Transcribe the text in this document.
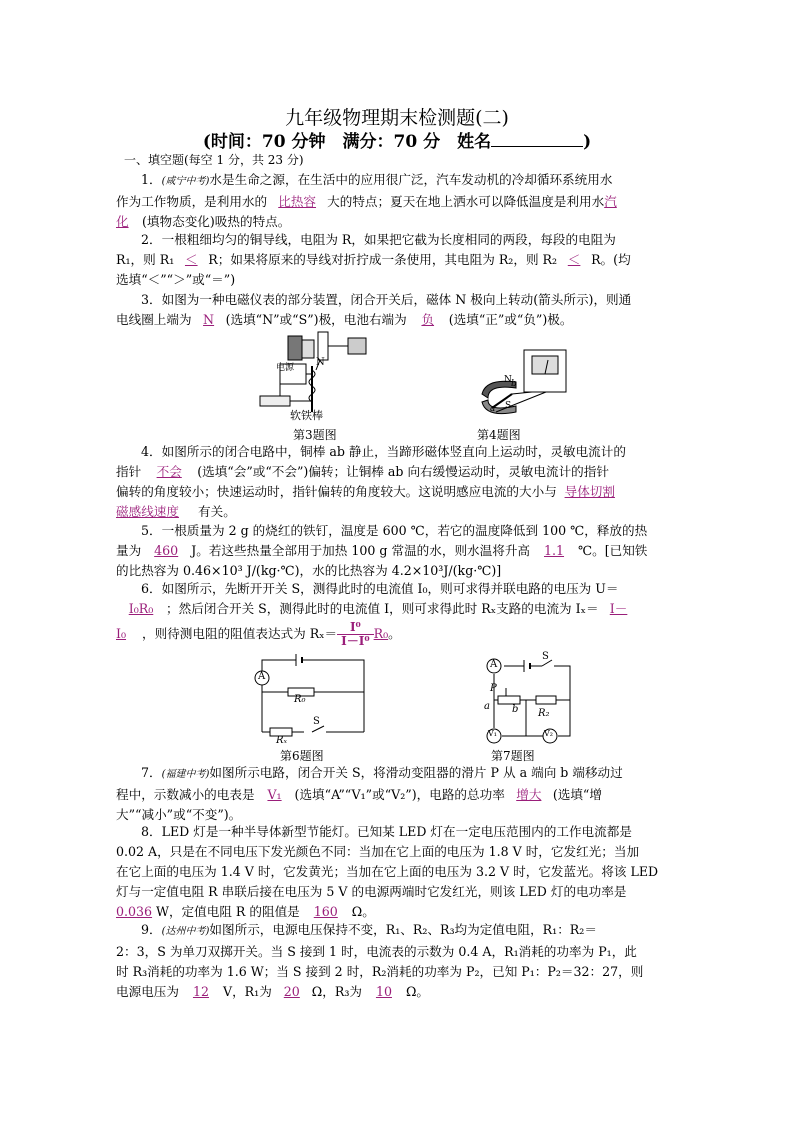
九年级物理期末检测题(二)
(时间：70 分钟　满分：70 分　姓名	)
一、填空题(每空 1 分，共 23 分)
1．(咸宁中考)水是生命之源，在生活中的应用很广泛，汽车发动机的冷却循环系统用水
作为工作物质，是利用水的 比热容 大的特点；夏天在地上洒水可以降低温度是利用水汽
化 (填物态变化)吸热的特点。
2．一根粗细均匀的铜导线，电阻为 R，如果把它截为长度相同的两段，每段的电阻为
R₁，则 R₁ ＜ R；如果将原来的导线对折拧成一条使用，其电阻为 R₂，则 R₂ ＜ R。(均
选填“＜”“＞”或“＝”)
3．如图为一种电磁仪表的部分装置，闭合开关后，磁体 N 极向上转动(箭头所示)，则通
电线圈上端为 N (选填“N”或“S”)极，电池右端为 负 (选填“正”或“负”)极。
电源 N
软铁棒
第3题图
N
S
a
b
第4题图
4．如图所示的闭合电路中，铜棒 ab 静止，当蹄形磁体竖直向上运动时，灵敏电流计的
指针 不会 (选填“会”或“不会”)偏转；让铜棒 ab 向右缓慢运动时，灵敏电流计的指针
偏转的角度较小；快速运动时，指针偏转的角度较大。这说明感应电流的大小与 导体切割
磁感线速度 有关。
5．一根质量为 2 g 的烧红的铁钉，温度是 600 ℃，若它的温度降低到 100 ℃，释放的热
量为 460 J。若这些热量全部用于加热 100 g 常温的水，则水温将升高 1.1 ℃。[已知铁
的比热容为 0.46×10³ J/(kg·℃)，水的比热容为 4.2×10³J/(kg·℃)]
6．如图所示，先断开开关 S，测得此时的电流值 I₀，则可求得并联电路的电压为 U＝
I₀R₀ ；然后闭合开关 S，测得此时的电流值 I，则可求得此时 Rₓ支路的电流为 Iₓ＝ I－
I₀ ，则待测电阻的阻值表达式为 $R_x= \frac{\text{I⁰}}{\text{I－I⁰}} R_0$。
A
R₀
Rₓ
S
第6题图
A
S
P
a b R₂
V₁	V₂
第7题图
7．(福建中考)如图所示电路，闭合开关 S，将滑动变阻器的滑片 P 从 a 端向 b 端移动过
程中，示数减小的电表是 V₁ (选填“A”“V₁”或“V₂”)，电路的总功率 增大 (选填“增
大”“减小”或“不变”)。
8．LED 灯是一种半导体新型节能灯。已知某 LED 灯在一定电压范围内的工作电流都是
0.02 A，只是在不同电压下发光颜色不同：当加在它上面的电压为 1.8 V 时，它发红光；当加
在它上面的电压为 1.4 V 时，它发黄光；当加在它上面的电压为 3.2 V 时，它发蓝光。将该 LED
灯与一定值电阻 R 串联后接在电压为 5 V 的电源两端时它发红光，则该 LED 灯的电功率是
0.036 W，定值电阻 R 的阻值是 160 Ω。
9．(达州中考)如图所示，电源电压保持不变，R₁、R₂、R₃均为定值电阻，R₁：R₂＝
2：3，S 为单刀双掷开关。当 S 接到 1 时，电流表的示数为 0.4 A，R₁消耗的功率为 P₁，此
时 R₃消耗的功率为 1.6 W；当 S 接到 2 时，R₂消耗的功率为 P₂，已知 P₁：P₂＝32：27，则
电源电压为 12 V，R₁为 20 Ω，R₃为 10 Ω。
